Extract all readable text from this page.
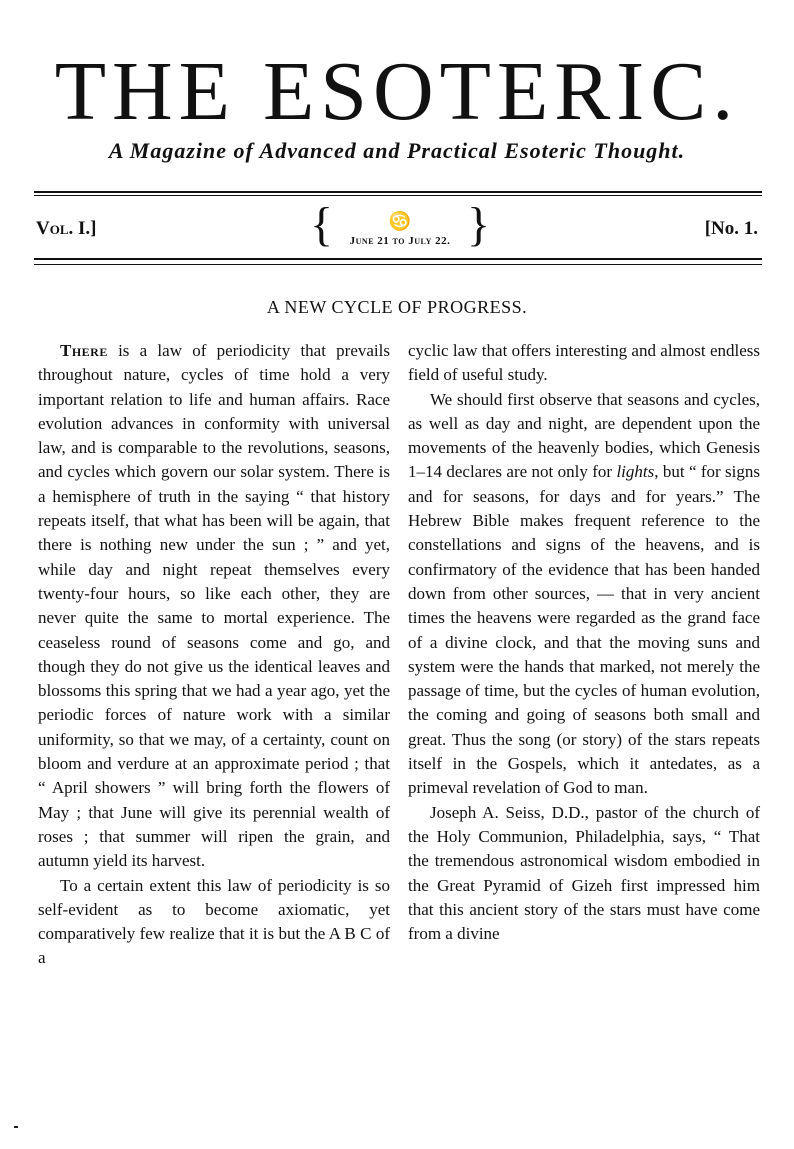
THE ESOTERIC.
A Magazine of Advanced and Practical Esoteric Thought.
Vol. I.]	{	♋
June 21 to July 22. }	[No. 1.
A NEW CYCLE OF PROGRESS.

There is a law of periodicity that prevails throughout nature, cycles of time hold a very important relation to life and human affairs. Race evolution advances in conformity with universal law, and is comparable to the revolutions, seasons, and cycles which govern our solar system. There is a hemisphere of truth in the saying “ that history repeats itself, that what has been will be again, that there is nothing new under the sun ; ” and yet, while day and night repeat themselves every twenty-four hours, so like each other, they are never quite the same to mortal experience. The ceaseless round of seasons come and go, and though they do not give us the identical leaves and blossoms this spring that we had a year ago, yet the periodic forces of nature work with a similar uniformity, so that we may, of a certainty, count on bloom and verdure at an approximate period ; that “ April showers ” will bring forth the flowers of May ; that June will give its perennial wealth of roses ; that summer will ripen the grain, and autumn yield its harvest.

To a certain extent this law of periodicity is so self-evident as to become axiomatic, yet comparatively few realize that it is but the A B C of a

cyclic law that offers interesting and almost endless field of useful study.

We should first observe that seasons and cycles, as well as day and night, are dependent upon the movements of the heavenly bodies, which Genesis 1–14 declares are not only for lights, but “ for signs and for seasons, for days and for years.” The Hebrew Bible makes frequent reference to the constellations and signs of the heavens, and is confirmatory of the evidence that has been handed down from other sources, — that in very ancient times the heavens were regarded as the grand face of a divine clock, and that the moving suns and system were the hands that marked, not merely the passage of time, but the cycles of human evolution, the coming and going of seasons both small and great. Thus the song (or story) of the stars repeats itself in the Gospels, which it antedates, as a primeval revelation of God to man.

Joseph A. Seiss, D.D., pastor of the church of the Holy Communion, Philadelphia, says, “ That the tremendous astronomical wisdom embodied in the Great Pyramid of Gizeh first impressed him that this ancient story of the stars must have come from a divine
